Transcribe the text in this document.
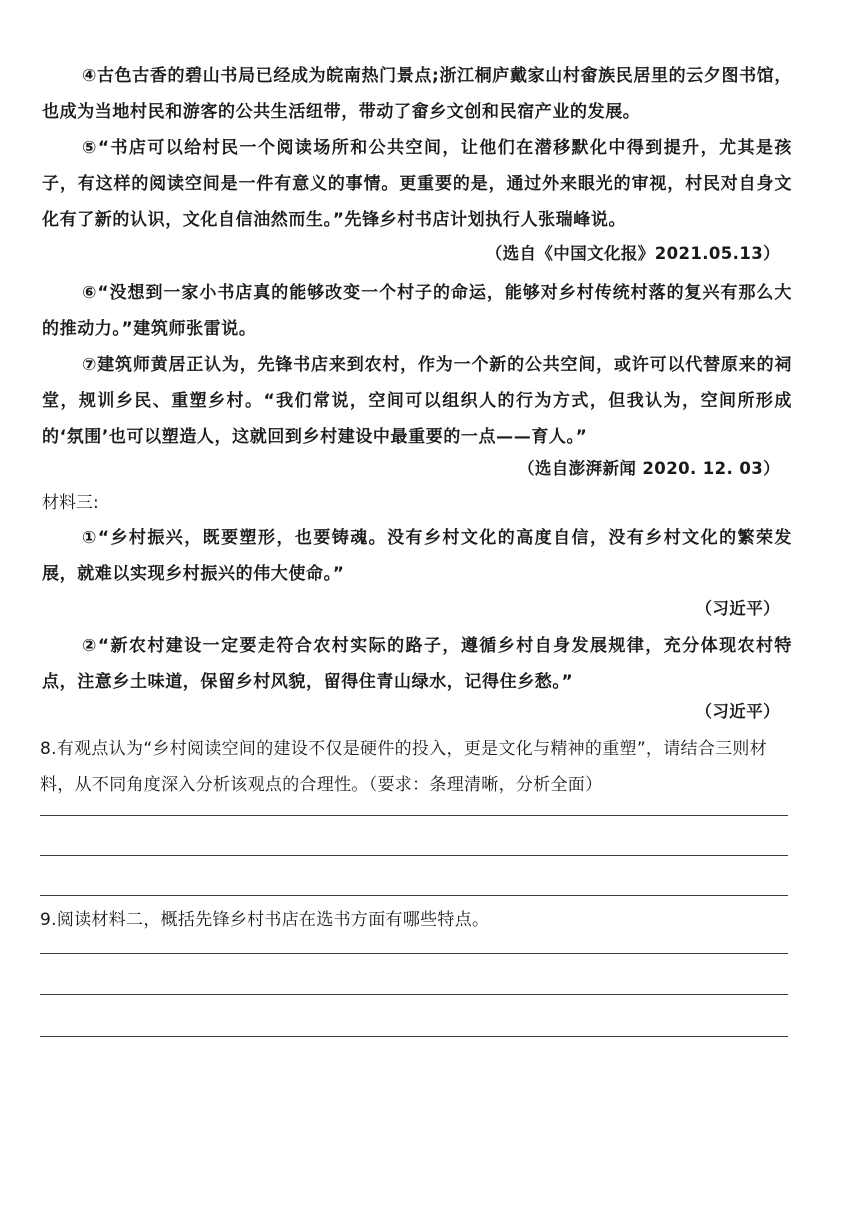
④古色古香的碧山书局已经成为皖南热门景点;浙江桐庐戴家山村畲族民居里的云夕图书馆，也成为当地村民和游客的公共生活纽带，带动了畲乡文创和民宿产业的发展。
⑤“书店可以给村民一个阅读场所和公共空间，让他们在潜移默化中得到提升，尤其是孩子，有这样的阅读空间是一件有意义的事情。更重要的是，通过外来眼光的审视，村民对自身文化有了新的认识，文化自信油然而生。”先锋乡村书店计划执行人张瑞峰说。
（选自《中国文化报》2021.05.13）
⑥“没想到一家小书店真的能够改变一个村子的命运，能够对乡村传统村落的复兴有那么大的推动力。”建筑师张雷说。
⑦建筑师黄居正认为，先锋书店来到农村，作为一个新的公共空间，或许可以代替原来的祠堂，规训乡民、重塑乡村。“我们常说，空间可以组织人的行为方式，但我认为，空间所形成的‘氛围’也可以塑造人，这就回到乡村建设中最重要的一点——育人。”
（选自澎湃新闻 2020. 12. 03）
材料三:
①“乡村振兴，既要塑形，也要铸魂。没有乡村文化的高度自信，没有乡村文化的繁荣发展，就难以实现乡村振兴的伟大使命。”
（习近平）
②“新农村建设一定要走符合农村实际的路子，遵循乡村自身发展规律，充分体现农村特点，注意乡土味道，保留乡村风貌，留得住青山绿水，记得住乡愁。”
（习近平）
8.有观点认为“乡村阅读空间的建设不仅是硬件的投入，更是文化与精神的重塑”，请结合三则材料，从不同角度深入分析该观点的合理性。（要求：条理清晰，分析全面）
9.阅读材料二，概括先锋乡村书店在选书方面有哪些特点。
